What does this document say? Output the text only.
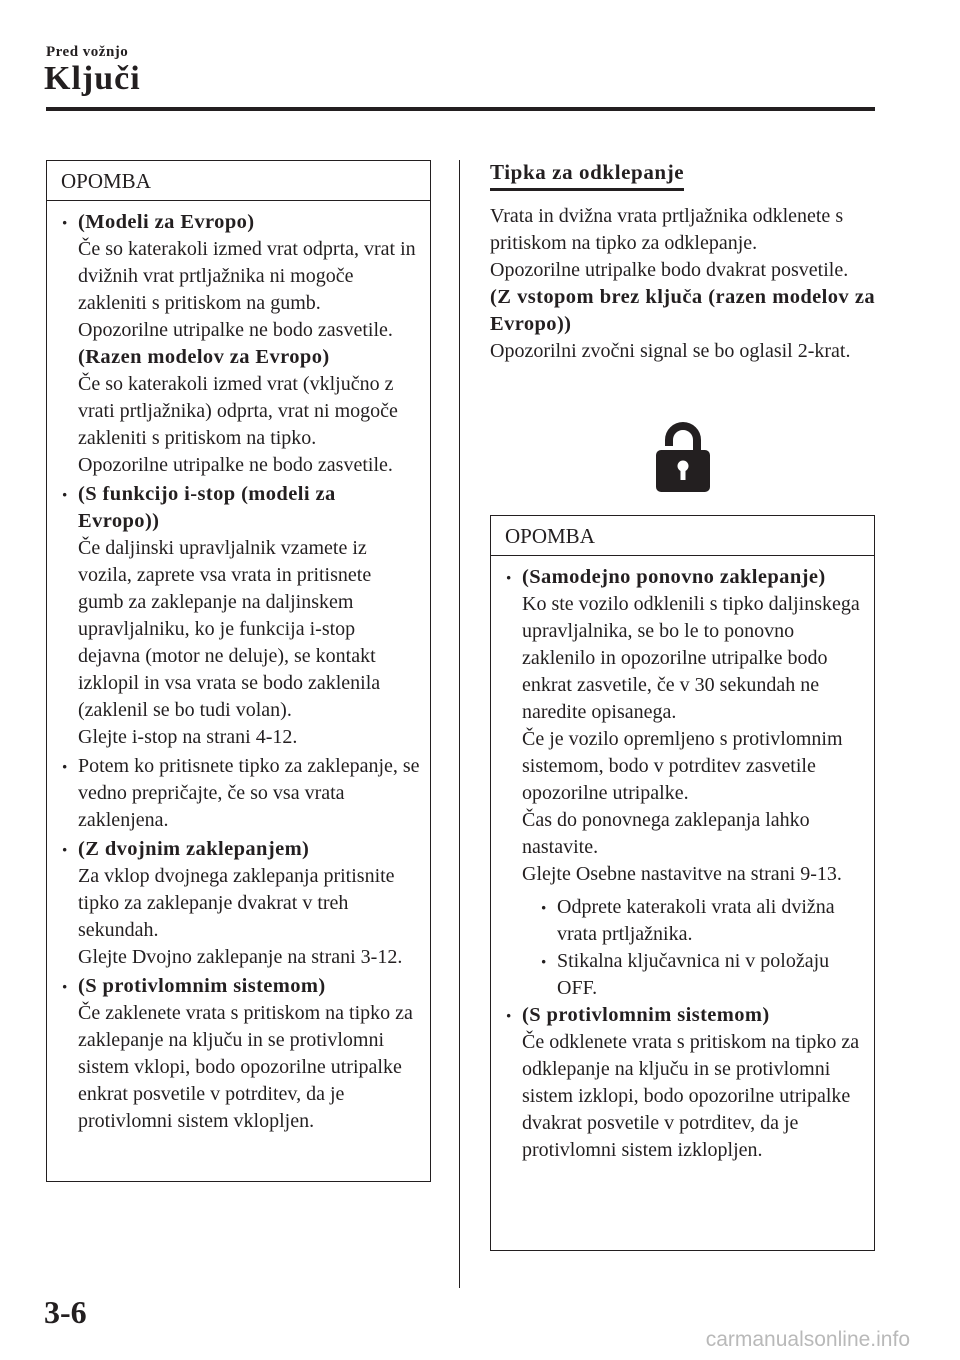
Pred vožnjo
Ključi
OPOMBA
· (Modeli za Evropo)
Če so katerakoli izmed vrat odprta, vrat in dvižnih vrat prtljažnika ni mogoče zakleniti s pritiskom na gumb.
Opozorilne utripalke ne bodo zasvetile.
(Razen modelov za Evropo)
Če so katerakoli izmed vrat (vključno z vrati prtljažnika) odprta, vrat ni mogoče zakleniti s pritiskom na tipko.
Opozorilne utripalke ne bodo zasvetile.
· (S funkcijo i-stop (modeli za Evropo))
Če daljinski upravljalnik vzamete iz vozila, zaprete vsa vrata in pritisnete gumb za zaklepanje na daljinskem upravljalniku, ko je funkcija i-stop dejavna (motor ne deluje), se kontakt izklopil in vsa vrata se bodo zaklenila (zaklenil se bo tudi volan).
Glejte i-stop na strani 4-12.
· Potem ko pritisnete tipko za zaklepanje, se vedno prepričajte, če so vsa vrata zaklenjena.
· (Z dvojnim zaklepanjem)
Za vklop dvojnega zaklepanja pritisnite tipko za zaklepanje dvakrat v treh sekundah.
Glejte Dvojno zaklepanje na strani 3-12.
· (S protivlomnim sistemom)
Če zaklenete vrata s pritiskom na tipko za zaklepanje na ključu in se protivlomni sistem vklopi, bodo opozorilne utripalke enkrat posvetile v potrditev, da je protivlomni sistem vklopljen.
Tipka za odklepanje
Vrata in dvižna vrata prtljažnika odklenete s pritiskom na tipko za odklepanje.
Opozorilne utripalke bodo dvakrat posvetile.
(Z vstopom brez ključa (razen modelov za Evropo))
Opozorilni zvočni signal se bo oglasil 2-krat.
OPOMBA
· (Samodejno ponovno zaklepanje)
Ko ste vozilo odklenili s tipko daljinskega upravljalnika, se bo le to ponovno zaklenilo in opozorilne utripalke bodo enkrat zasvetile, če v 30 sekundah ne naredite opisanega.
Če je vozilo opremljeno s protivlomnim sistemom, bodo v potrditev zasvetile opozorilne utripalke.
Čas do ponovnega zaklepanja lahko nastavite.
Glejte Osebne nastavitve na strani 9-13.
· Odprete katerakoli vrata ali dvižna vrata prtljažnika.
· Stikalna ključavnica ni v položaju OFF.
· (S protivlomnim sistemom)
Če odklenete vrata s pritiskom na tipko za odklepanje na ključu in se protivlomni sistem izklopi, bodo opozorilne utripalke dvakrat posvetile v potrditev, da je protivlomni sistem izklopljen.
3-6
carmanualsonline.info
